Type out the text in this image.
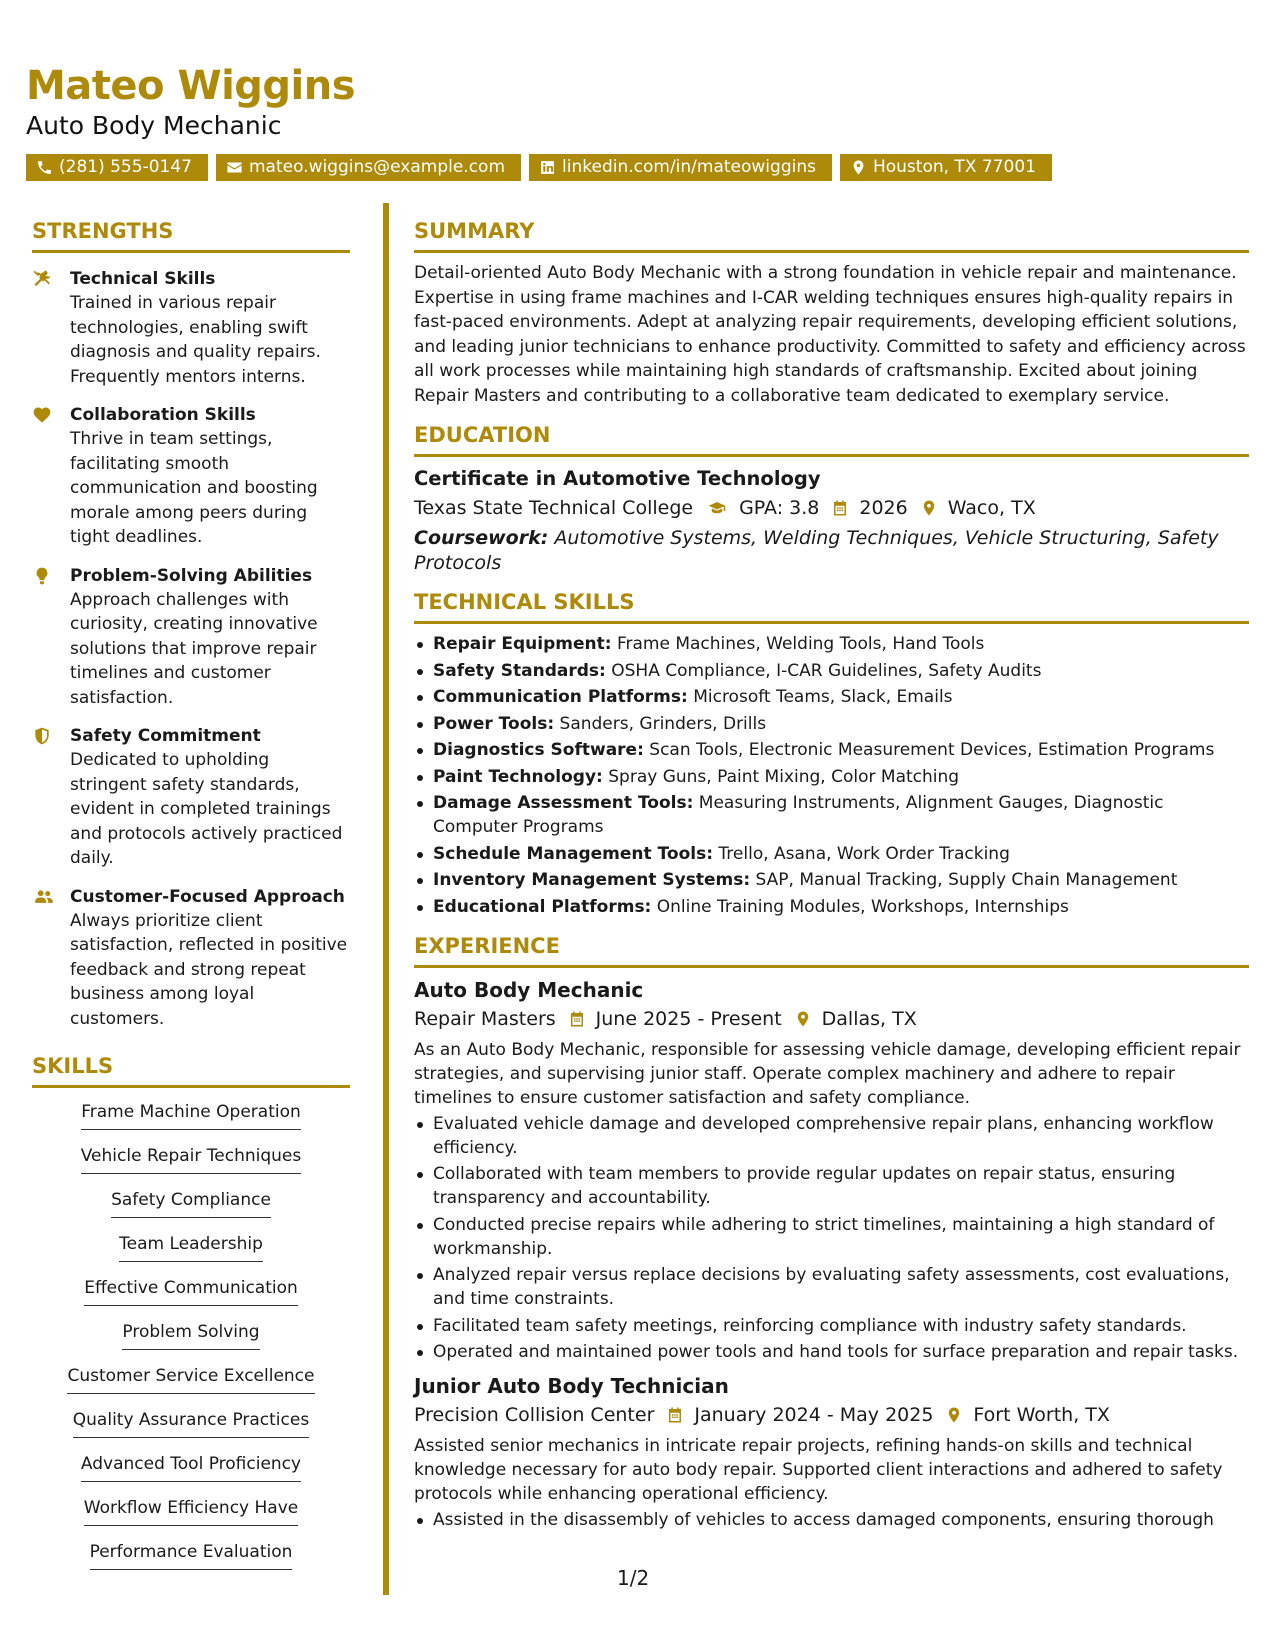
Mateo Wiggins
Auto Body Mechanic
(281) 555-0147	mateo.wiggins@example.com	linkedin.com/in/mateowiggins	Houston, TX 77001
STRENGTHS
Technical Skills
Trained in various repair technologies, enabling swift diagnosis and quality repairs. Frequently mentors interns.
Collaboration Skills
Thrive in team settings, facilitating smooth communication and boosting morale among peers during tight deadlines.
Problem-Solving Abilities
Approach challenges with curiosity, creating innovative solutions that improve repair timelines and customer satisfaction.
Safety Commitment
Dedicated to upholding stringent safety standards, evident in completed trainings and protocols actively practiced daily.
Customer-Focused Approach
Always prioritize client satisfaction, reflected in positive feedback and strong repeat business among loyal customers.
SKILLS
Frame Machine Operation
Vehicle Repair Techniques
Safety Compliance
Team Leadership
Effective Communication
Problem Solving
Customer Service Excellence
Quality Assurance Practices
Advanced Tool Proficiency
Workflow Efficiency Have
Performance Evaluation
SUMMARY
Detail-oriented Auto Body Mechanic with a strong foundation in vehicle repair and maintenance. Expertise in using frame machines and I-CAR welding techniques ensures high-quality repairs in fast-paced environments. Adept at analyzing repair requirements, developing efficient solutions, and leading junior technicians to enhance productivity. Committed to safety and efficiency across all work processes while maintaining high standards of craftsmanship. Excited about joining Repair Masters and contributing to a collaborative team dedicated to exemplary service.
EDUCATION
Certificate in Automotive Technology
Texas State Technical College GPA: 3.8 2026 Waco, TX
Coursework: Automotive Systems, Welding Techniques, Vehicle Structuring, Safety Protocols
TECHNICAL SKILLS
Repair Equipment: Frame Machines, Welding Tools, Hand Tools
Safety Standards: OSHA Compliance, I-CAR Guidelines, Safety Audits
Communication Platforms: Microsoft Teams, Slack, Emails
Power Tools: Sanders, Grinders, Drills
Diagnostics Software: Scan Tools, Electronic Measurement Devices, Estimation Programs
Paint Technology: Spray Guns, Paint Mixing, Color Matching
Damage Assessment Tools: Measuring Instruments, Alignment Gauges, Diagnostic Computer Programs
Schedule Management Tools: Trello, Asana, Work Order Tracking
Inventory Management Systems: SAP, Manual Tracking, Supply Chain Management
Educational Platforms: Online Training Modules, Workshops, Internships
EXPERIENCE
Auto Body Mechanic
Repair Masters June 2025 - Present Dallas, TX
As an Auto Body Mechanic, responsible for assessing vehicle damage, developing efficient repair strategies, and supervising junior staff. Operate complex machinery and adhere to repair timelines to ensure customer satisfaction and safety compliance.
Evaluated vehicle damage and developed comprehensive repair plans, enhancing workflow efficiency.
Collaborated with team members to provide regular updates on repair status, ensuring transparency and accountability.
Conducted precise repairs while adhering to strict timelines, maintaining a high standard of workmanship.
Analyzed repair versus replace decisions by evaluating safety assessments, cost evaluations, and time constraints.
Facilitated team safety meetings, reinforcing compliance with industry safety standards.
Operated and maintained power tools and hand tools for surface preparation and repair tasks.
Junior Auto Body Technician
Precision Collision Center January 2024 - May 2025 Fort Worth, TX
Assisted senior mechanics in intricate repair projects, refining hands-on skills and technical knowledge necessary for auto body repair. Supported client interactions and adhered to safety protocols while enhancing operational efficiency.
Assisted in the disassembly of vehicles to access damaged components, ensuring thorough
1/2
